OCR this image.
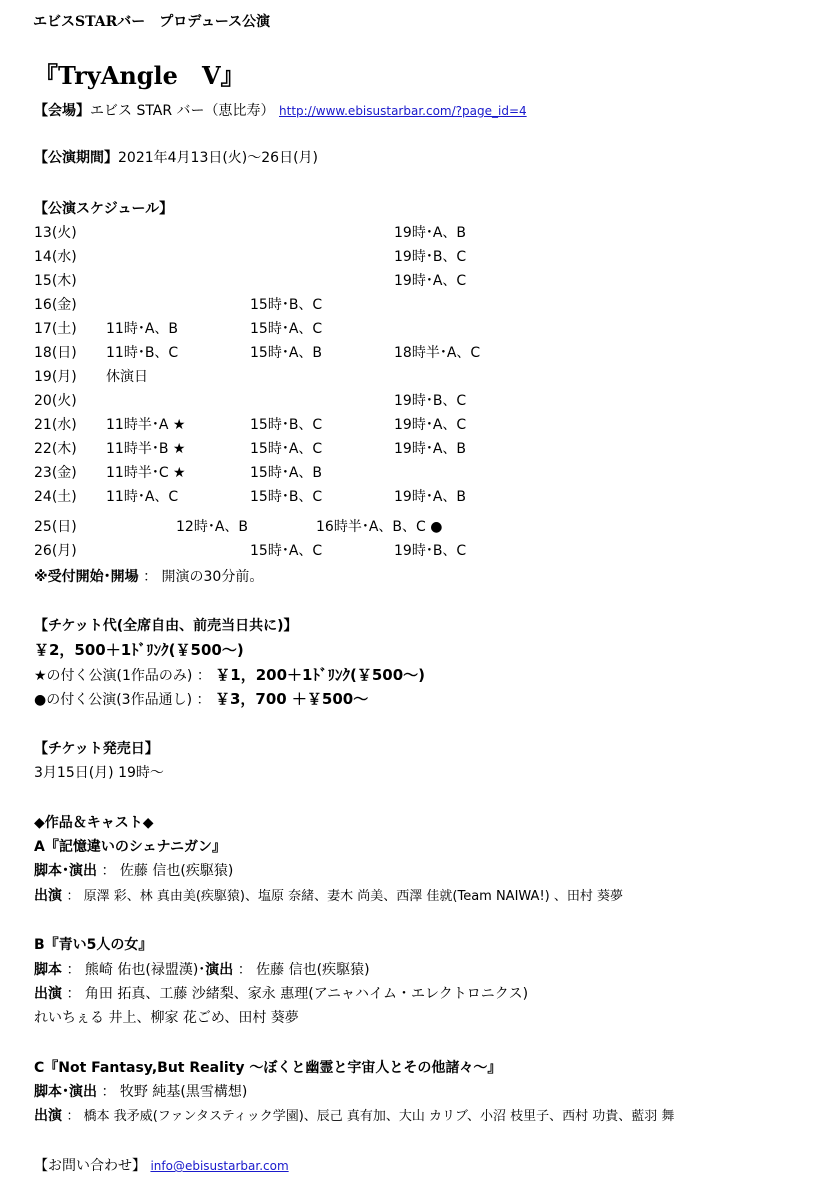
エビスSTARバー　プロデュース公演
『TryAngle　Ⅴ』
【会場】エビス STAR バー（恵比寿） http://www.ebisustarbar.com/?page_id=4
【公演期間】2021年4月13日(火)～26日(月)
【公演スケジュール】
13(火)	19時･A、B
14(水)	19時･B、C
15(木)	19時･A、C
16(金)	15時･B、C
17(土) 11時･A、B	15時･A、C
18(日) 11時･B、C	15時･A、B	18時半･A、C
19(月) 休演日
20(火)	19時･B、C
21(水) 11時半･A ★	15時･B、C	19時･A、C
22(木) 11時半･B ★	15時･A、C	19時･A、B
23(金) 11時半･C ★	15時･A、B
24(土) 11時･A、C	15時･B、C	19時･A、B
25(日)	12時･A、B	16時半･A、B、C ●
26(月)	15時･A、C	19時･B、C
※受付開始･開場 ： 開演の30分前。
【チケット代(全席自由、前売当日共に)】
￥2，500＋1ﾄﾞﾘﾝｸ(￥500～)
★の付く公演(1作品のみ) ： ￥1，200＋1ﾄﾞﾘﾝｸ(￥500～)
●の付く公演(3作品通し) ： ￥3，700 ＋￥500～
【チケット発売日】
3月15日(月) 19時～
◆作品＆キャスト◆
A『記憶違いのシェナニガン』
脚本･演出 ： 佐藤 信也(疾駆猿)
出演 ： 原澤 彩、林 真由美(疾駆猿)、塩原 奈緒、妻木 尚美、西澤 佳就(Team NAIWA!) 、田村 葵夢
B『青い5人の女』
脚本 ： 熊崎 佑也(禄盟漢)･演出 ： 佐藤 信也(疾駆猿)
出演 ： 角田 拓真、工藤 沙緒梨、家永 惠理(アニャハイム・エレクトロニクス)
れいちぇる 井上、柳家 花ごめ、田村 葵夢
C『Not Fantasy,But Reality ～ぼくと幽霊と宇宙人とその他諸々～』
脚本･演出 ： 牧野 純基(黒雪構想)
出演 ： 橋本 我矛威(ファンタスティック学園)、辰己 真有加、大山 カリブ、小沼 枝里子、西村 功貴、藍羽 舞
【お問い合わせ】 info@ebisustarbar.com
